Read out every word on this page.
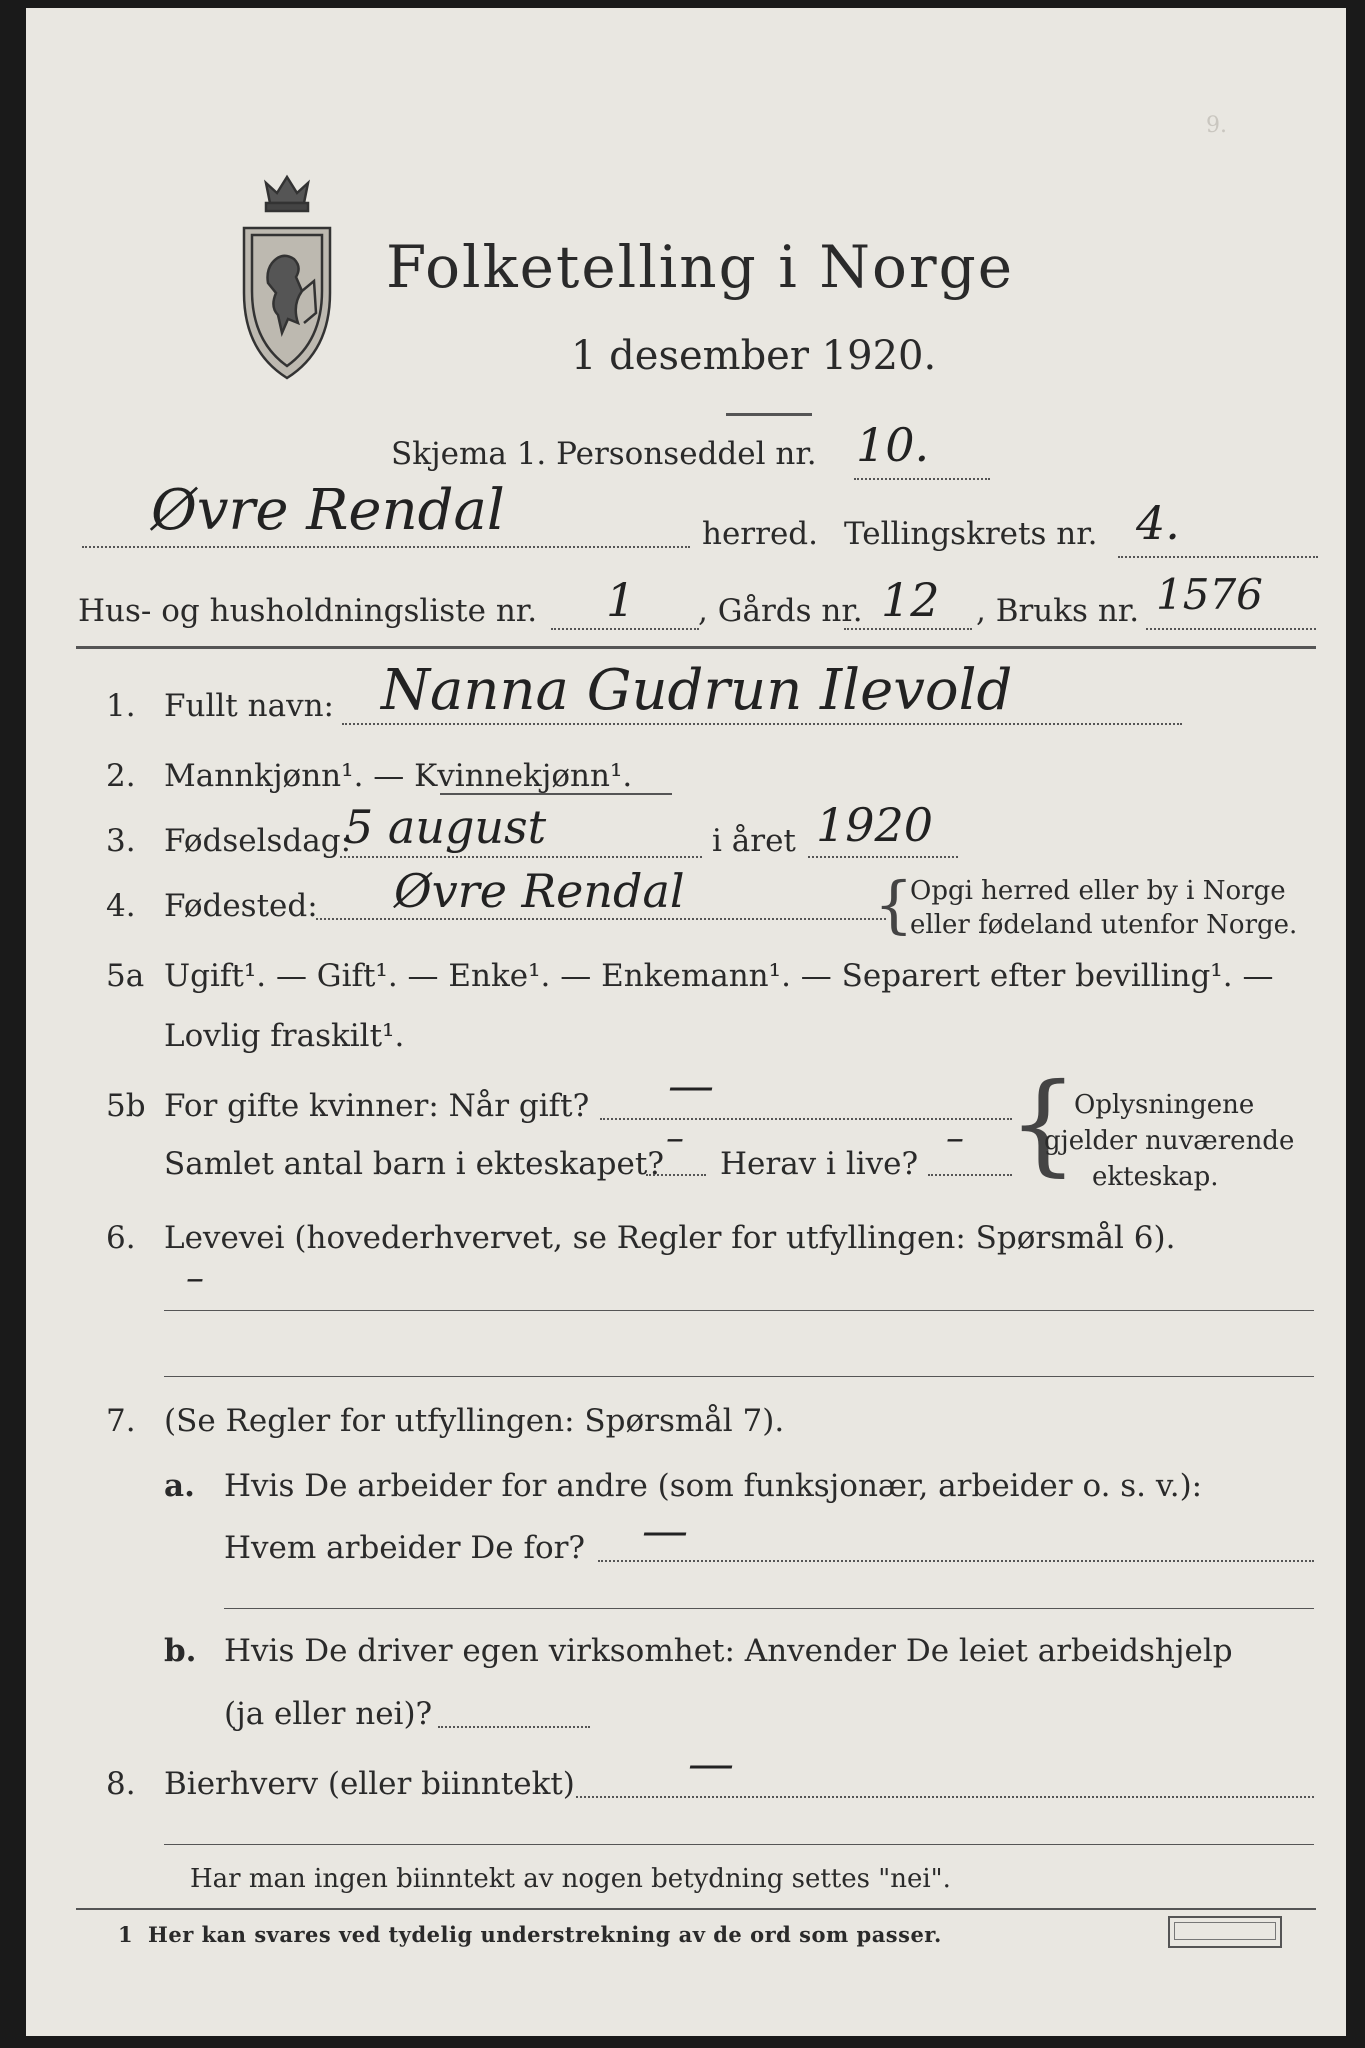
9.
Folketelling i Norge
1 desember 1920.
Skjema 1. Personseddel nr. 10.
Øvre Rendal	herred. Tellingskrets nr. 4.
Hus- og husholdningsliste nr. 1 , Gårds nr. 12 , Bruks nr. 1576
1. Fullt navn: Nanna Gudrun Ilevold
2. Mannkjønn¹. — Kvinnekjønn¹.
3. Fødselsdag:
5 august	i året 1920
4. Fødested: Øvre Rendal	{
Opgi herred eller by i Norge
eller fødeland utenfor Norge.
5a Ugift¹. — Gift¹. — Enke¹. — Enkemann¹. — Separert efter bevilling¹. —
Lovlig fraskilt¹.
5b For gifte kvinner: Når gift? —
Samlet antal barn i ekteskapet?
–
Herav i live?
– {
Oplysningene
gjelder nuværende
ekteskap.
6. Levevei (hovederhvervet, se Regler for utfyllingen: Spørsmål 6).
–
7. (Se Regler for utfyllingen: Spørsmål 7).
a. Hvis De arbeider for andre (som funksjonær, arbeider o. s. v.):
Hvem arbeider De for? —
b. Hvis De driver egen virksomhet: Anvender De leiet arbeidshjelp
(ja eller nei)?
8. Bierhverv (eller biinntekt) —
Har man ingen biinntekt av nogen betydning settes "nei".
1 Her kan svares ved tydelig understrekning av de ord som passer.
